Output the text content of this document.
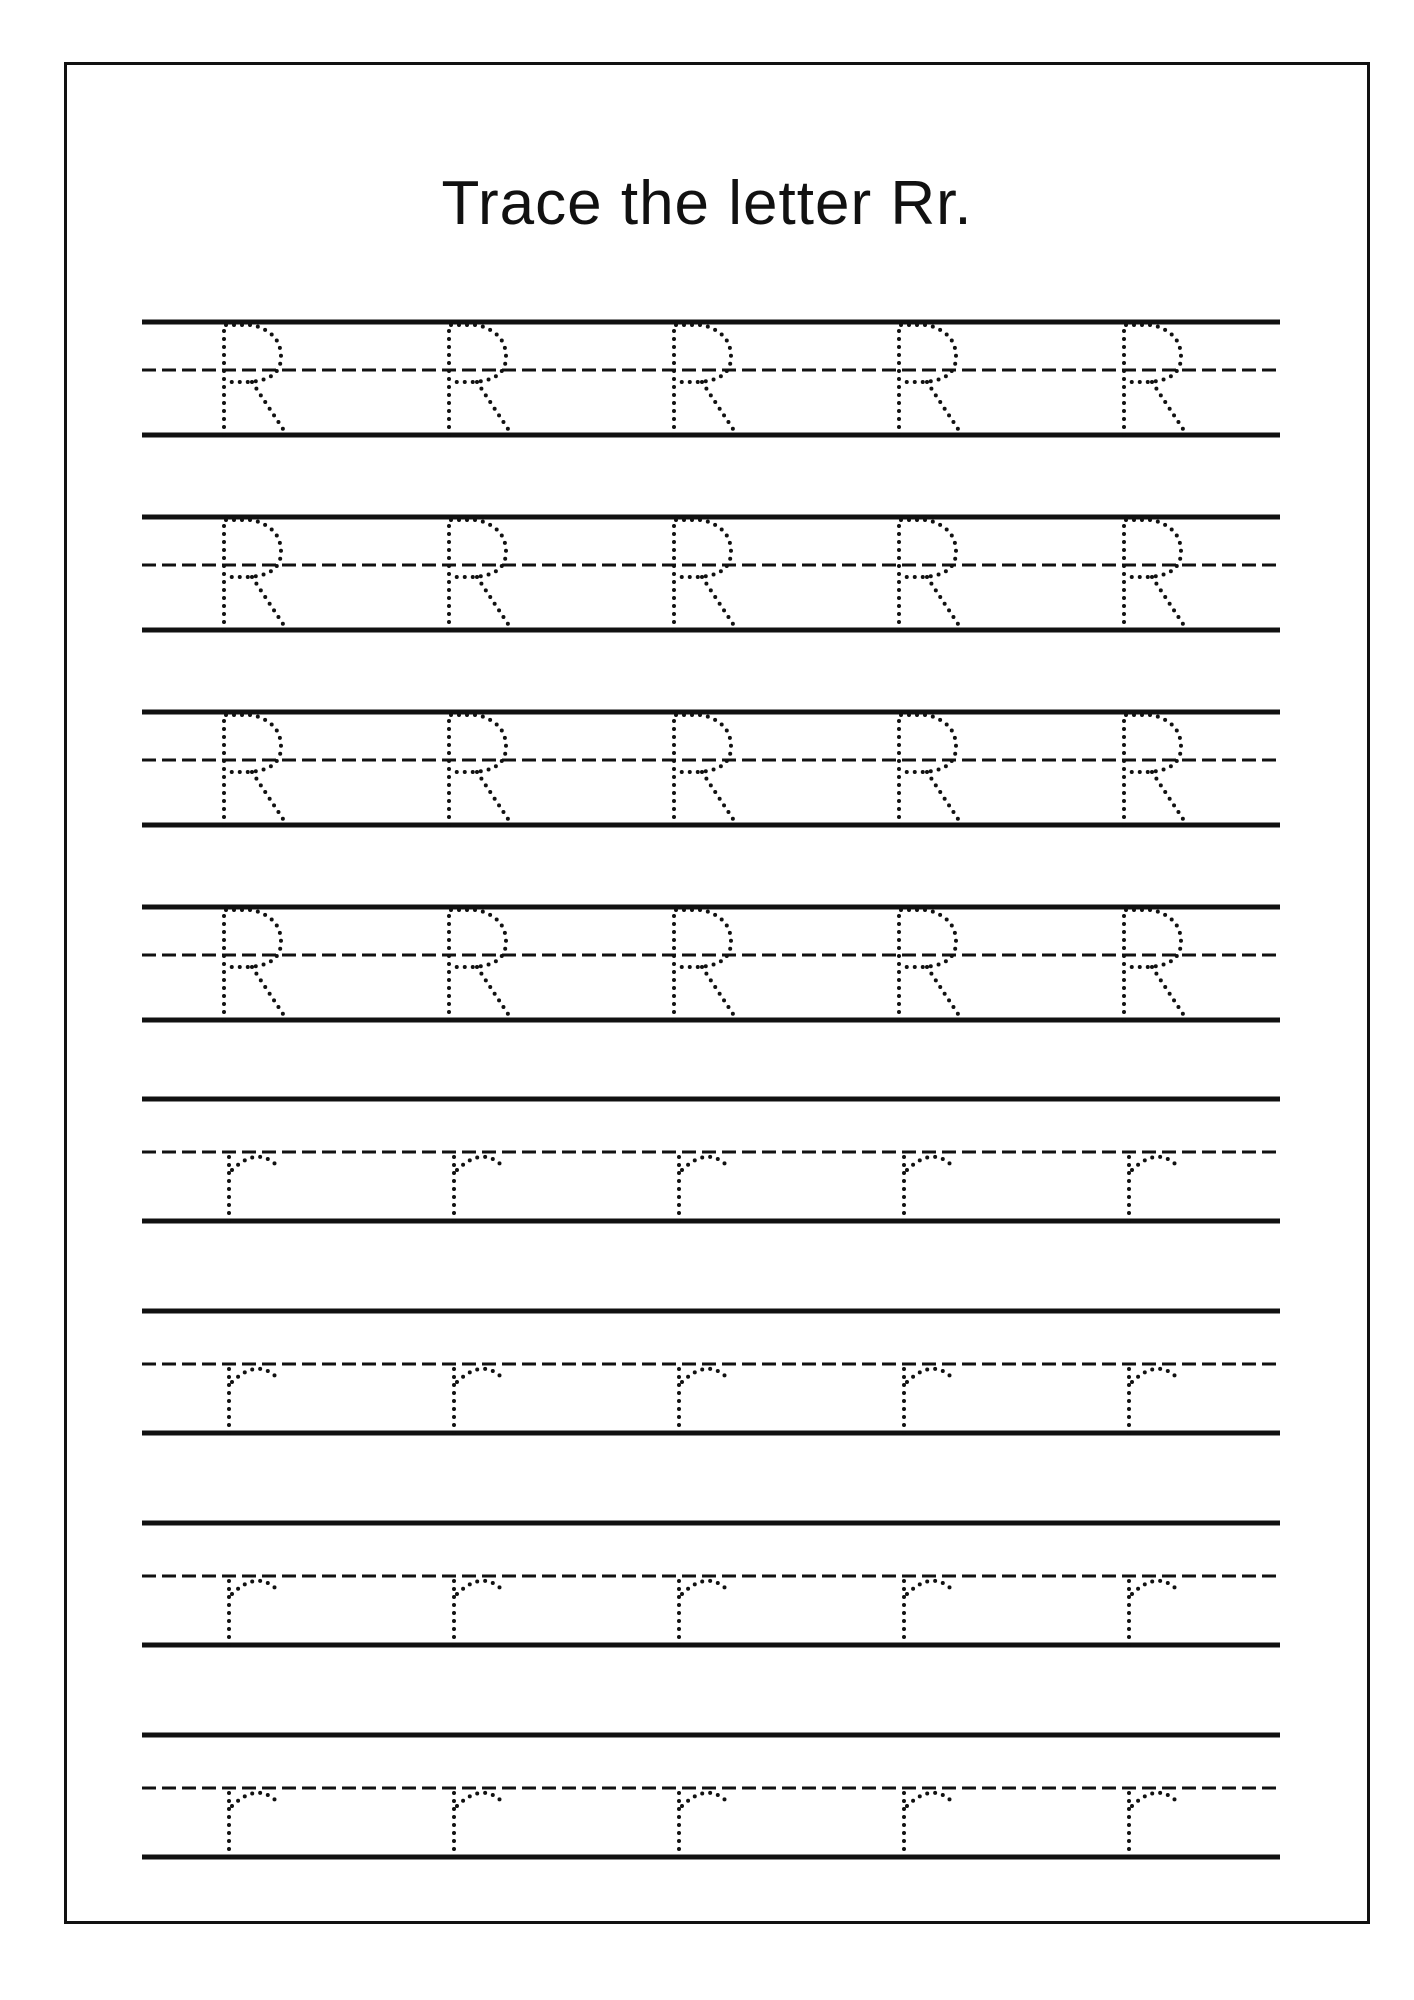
Trace the letter Rr.
